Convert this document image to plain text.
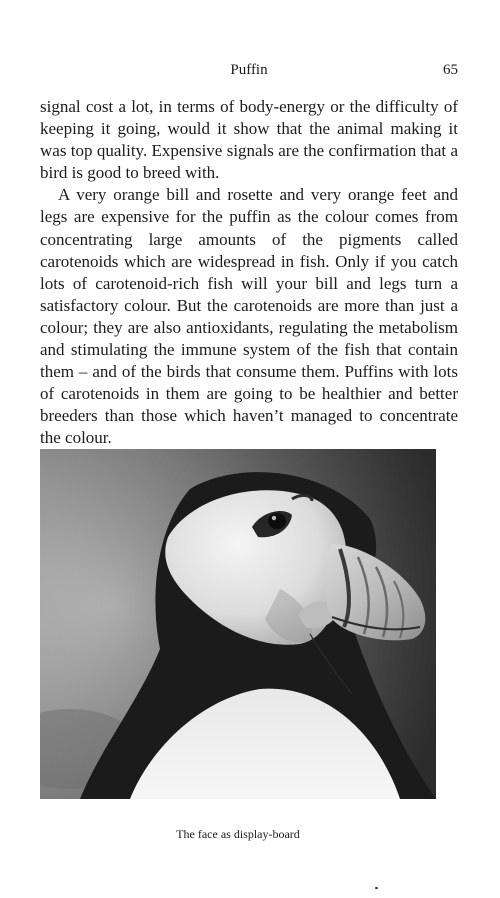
Puffin	65

signal cost a lot, in terms of body-energy or the difficulty of keeping it going, would it show that the animal making it was top quality. Expensive signals are the confirmation that a bird is good to breed with.

A very orange bill and rosette and very orange feet and legs are expensive for the puffin as the colour comes from concentrating large amounts of the pigments called carotenoids which are widespread in fish. Only if you catch lots of carotenoid-rich fish will your bill and legs turn a satisfactory colour. But the carotenoids are more than just a colour; they are also antioxidants, regulating the metabolism and stimulating the immune system of the fish that contain them – and of the birds that consume them. Puffins with lots of carotenoids in them are going to be healthier and better breeders than those which haven’t managed to concentrate the colour.

The face as display-board
